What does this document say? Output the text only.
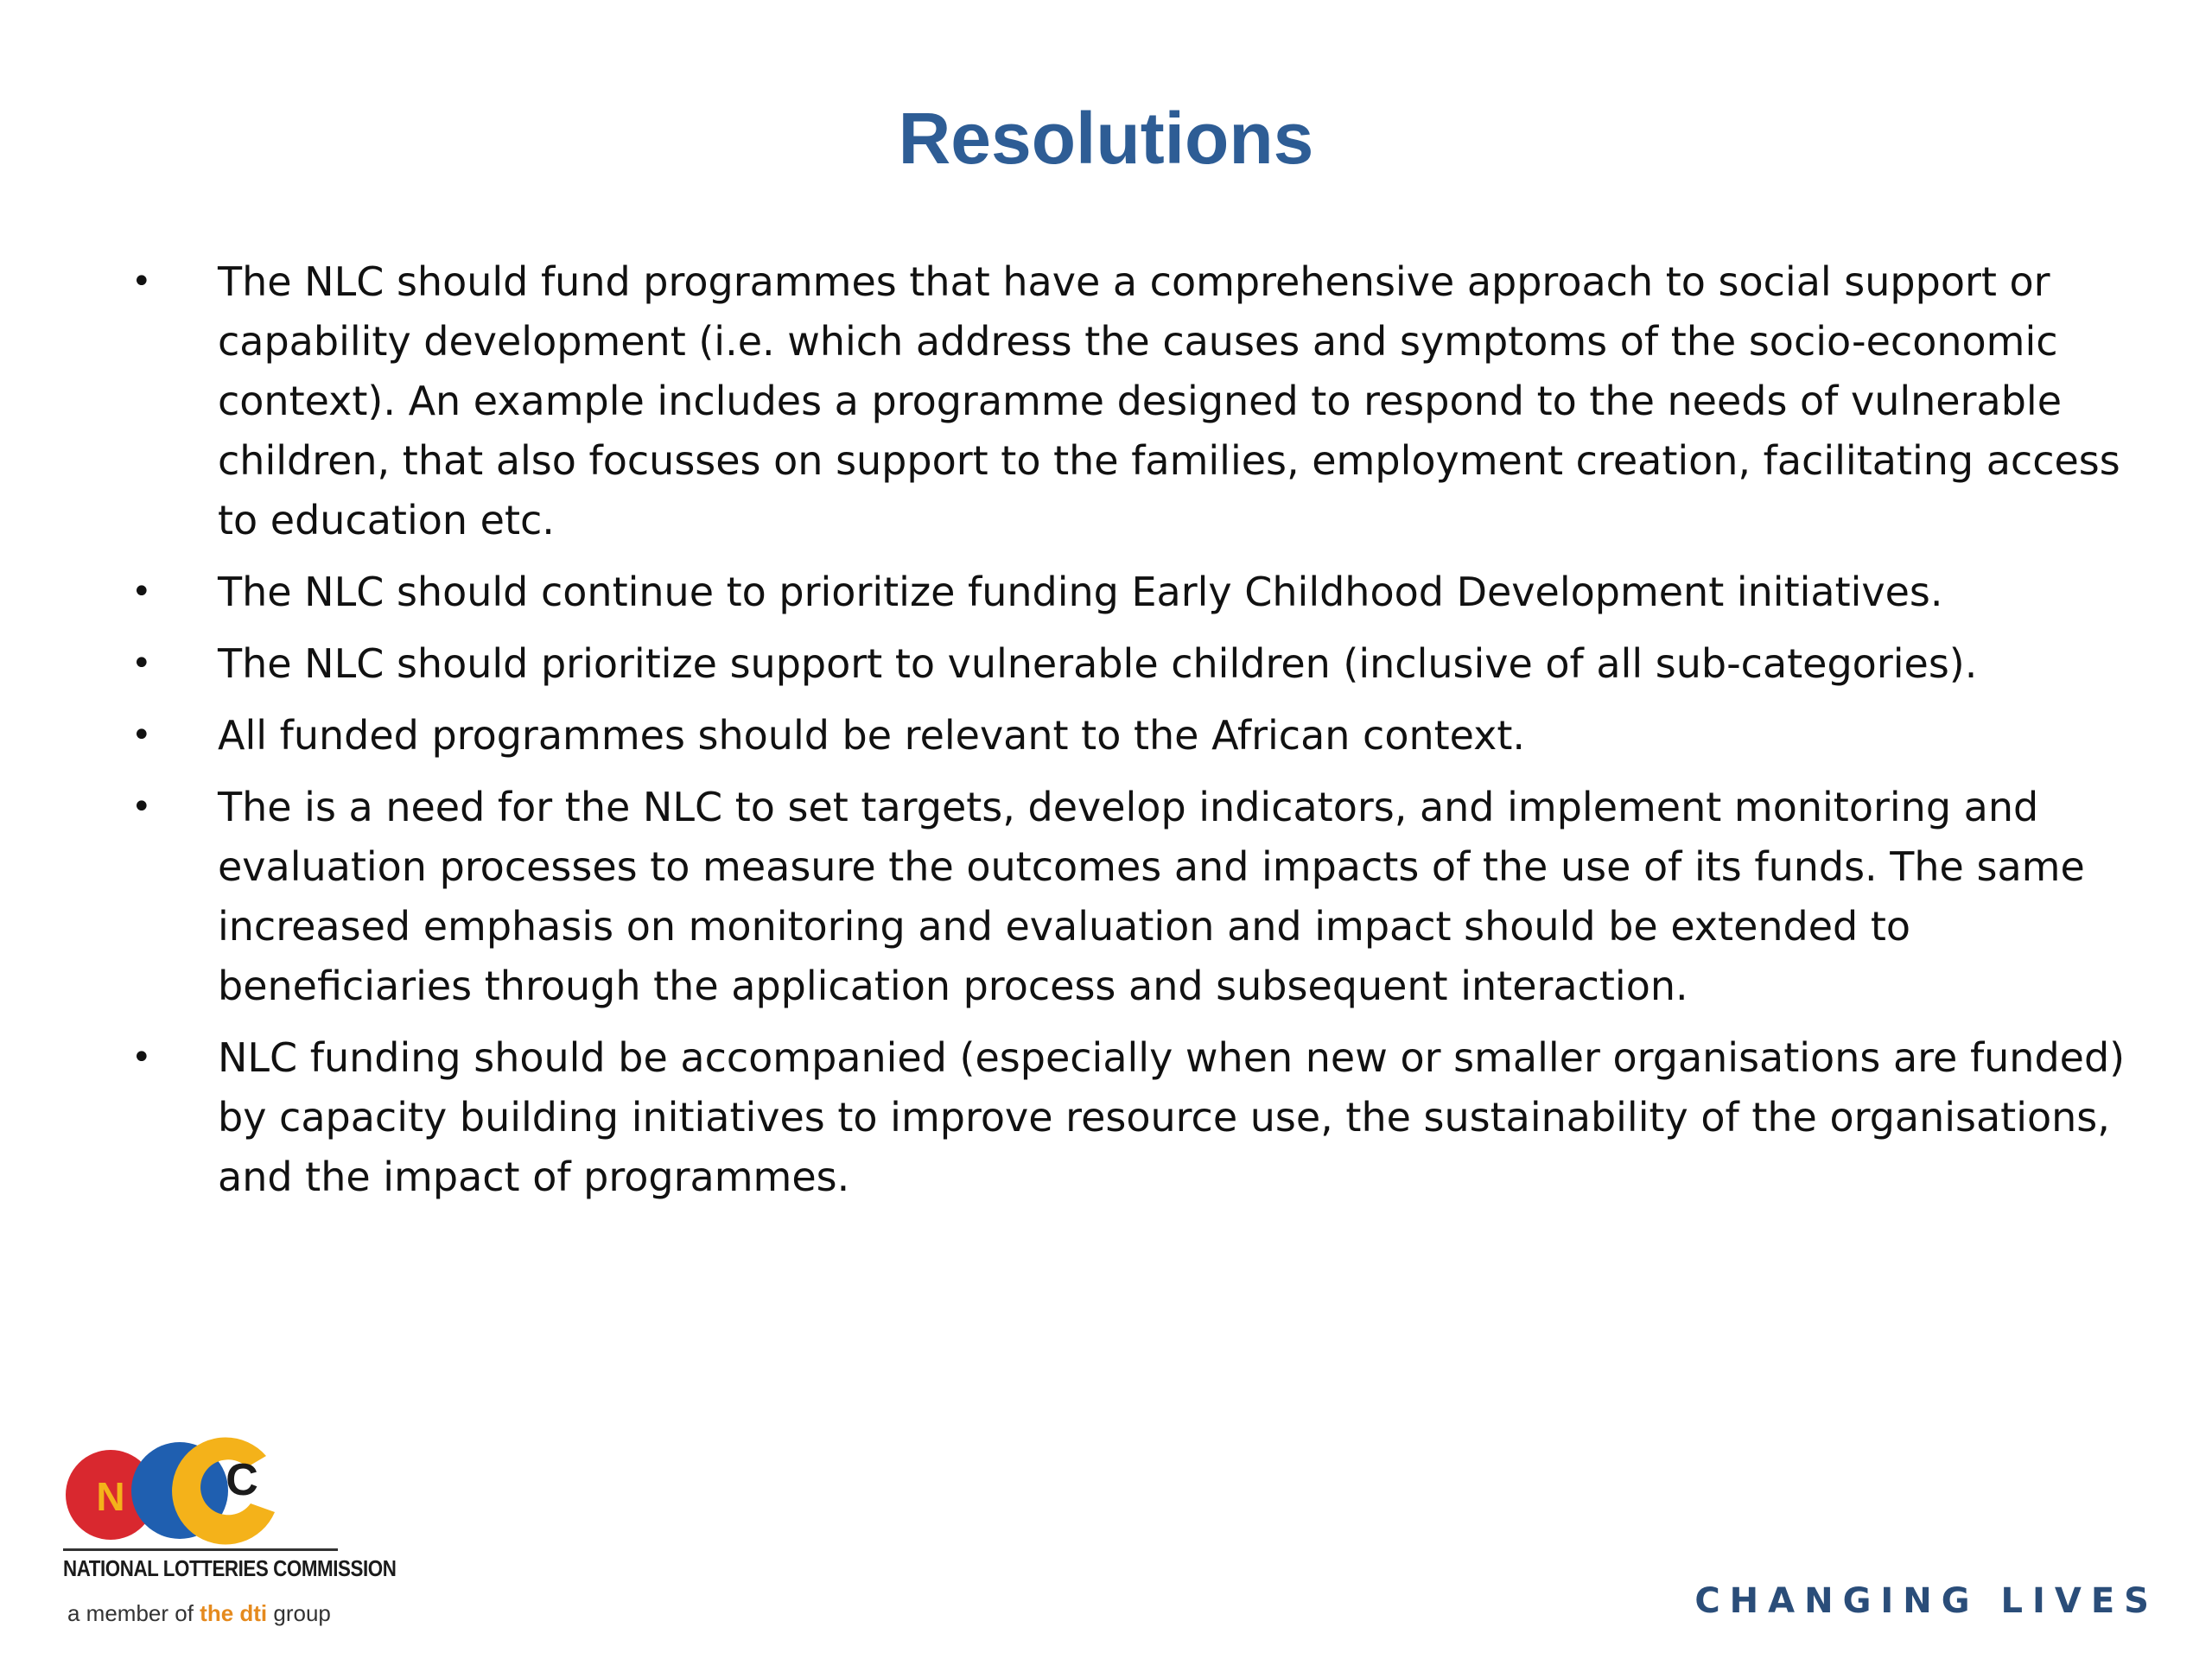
Resolutions
• The NLC should fund programmes that have a comprehensive approach to social support or capability development (i.e. which address the causes and symptoms of the socio-economic context). An example includes a programme designed to respond to the needs of vulnerable children, that also focusses on support to the families, employment creation, facilitating access to education etc.
• The NLC should continue to prioritize funding Early Childhood Development initiatives.
• The NLC should prioritize support to vulnerable children (inclusive of all sub-categories).
• All funded programmes should be relevant to the African context.
• The is a need for the NLC to set targets, develop indicators, and implement monitoring and evaluation processes to measure the outcomes and impacts of the use of its funds. The same increased emphasis on monitoring and evaluation and impact should be extended to beneficiaries through the application process and subsequent interaction.
• NLC funding should be accompanied (especially when new or smaller organisations are funded) by capacity building initiatives to improve resource use, the sustainability of the organisations, and the impact of programmes.
N L C
NATIONAL LOTTERIES COMMISSION
a member of the dti group	CHANGING LIVES
